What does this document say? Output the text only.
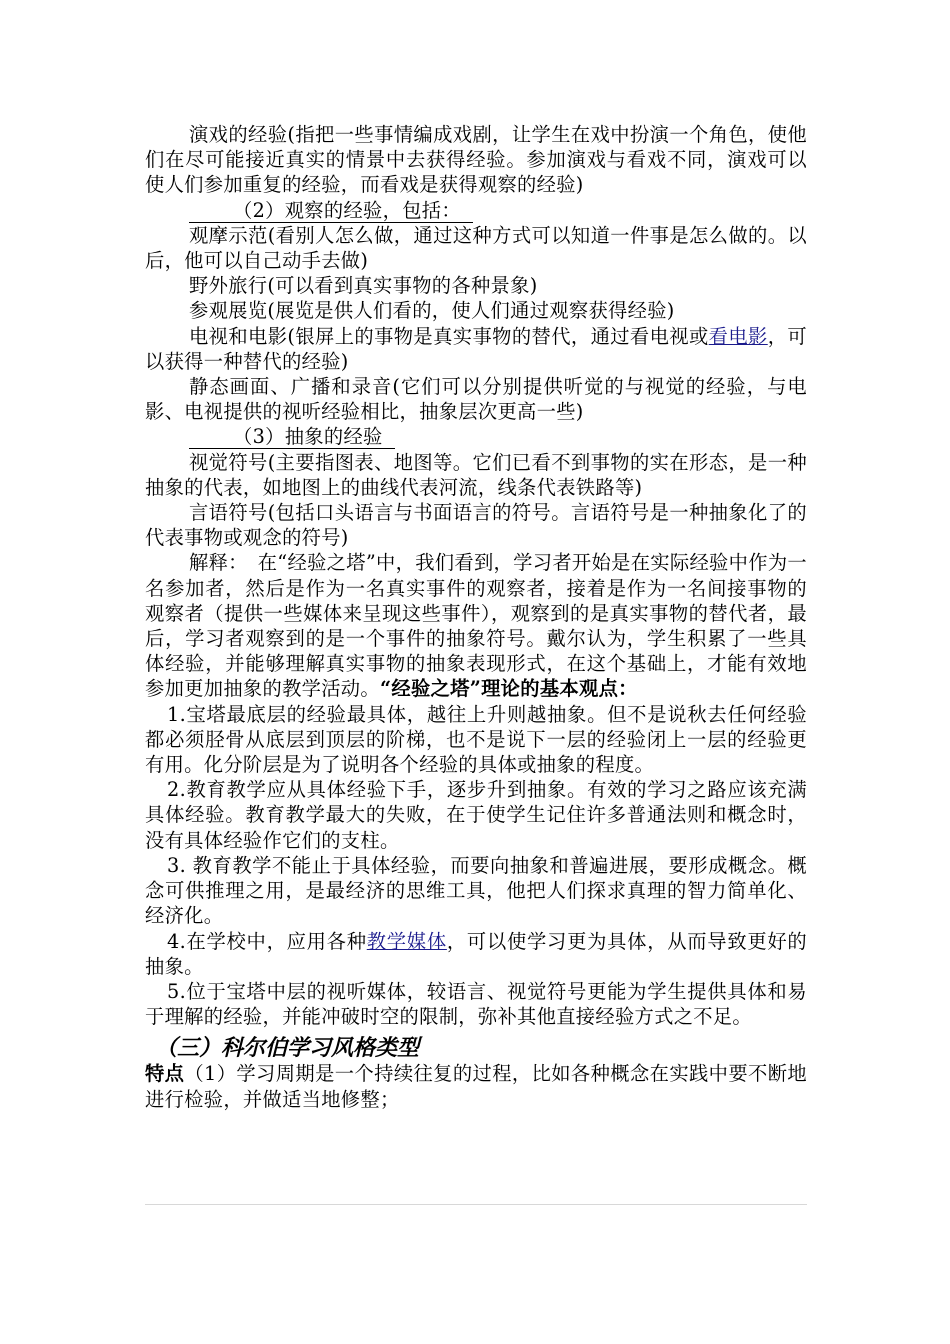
演戏的经验(指把一些事情编成戏剧，让学生在戏中扮演一个角色，使他们在尽可能接近真实的情景中去获得经验。参加演戏与看戏不同，演戏可以使人们参加重复的经验，而看戏是获得观察的经验)

（2）观察的经验，包括：

观摩示范(看别人怎么做，通过这种方式可以知道一件事是怎么做的。以后，他可以自己动手去做)

野外旅行(可以看到真实事物的各种景象)

参观展览(展览是供人们看的，使人们通过观察获得经验)

电视和电影(银屏上的事物是真实事物的替代，通过看电视或看电影，可以获得一种替代的经验)

静态画面、广播和录音(它们可以分别提供听觉的与视觉的经验，与电影、电视提供的视听经验相比，抽象层次更高一些)

（3）抽象的经验

视觉符号(主要指图表、地图等。它们已看不到事物的实在形态，是一种抽象的代表，如地图上的曲线代表河流，线条代表铁路等)

言语符号(包括口头语言与书面语言的符号。言语符号是一种抽象化了的代表事物或观念的符号)

解释：　在“经验之塔”中，我们看到，学习者开始是在实际经验中作为一名参加者，然后是作为一名真实事件的观察者，接着是作为一名间接事物的观察者（提供一些媒体来呈现这些事件），观察到的是真实事物的替代者，最后，学习者观察到的是一个事件的抽象符号。戴尔认为，学生积累了一些具体经验，并能够理解真实事物的抽象表现形式，在这个基础上，才能有效地参加更加抽象的教学活动。“经验之塔”理论的基本观点：

1.宝塔最底层的经验最具体，越往上升则越抽象。但不是说秋去任何经验都必须胫骨从底层到顶层的阶梯，也不是说下一层的经验闭上一层的经验更有用。化分阶层是为了说明各个经验的具体或抽象的程度。

2.教育教学应从具体经验下手，逐步升到抽象。有效的学习之路应该充满具体经验。教育教学最大的失败，在于使学生记住许多普通法则和概念时，没有具体经验作它们的支柱。

3. 教育教学不能止于具体经验，而要向抽象和普遍进展，要形成概念。概念可供推理之用，是最经济的思维工具，他把人们探求真理的智力简单化、经济化。

4.在学校中，应用各种教学媒体，可以使学习更为具体，从而导致更好的抽象。

5.位于宝塔中层的视听媒体，较语言、视觉符号更能为学生提供具体和易于理解的经验，并能冲破时空的限制，弥补其他直接经验方式之不足。

（三）科尔伯学习风格类型

特点（1）学习周期是一个持续往复的过程，比如各种概念在实践中要不断地进行检验，并做适当地修整；
